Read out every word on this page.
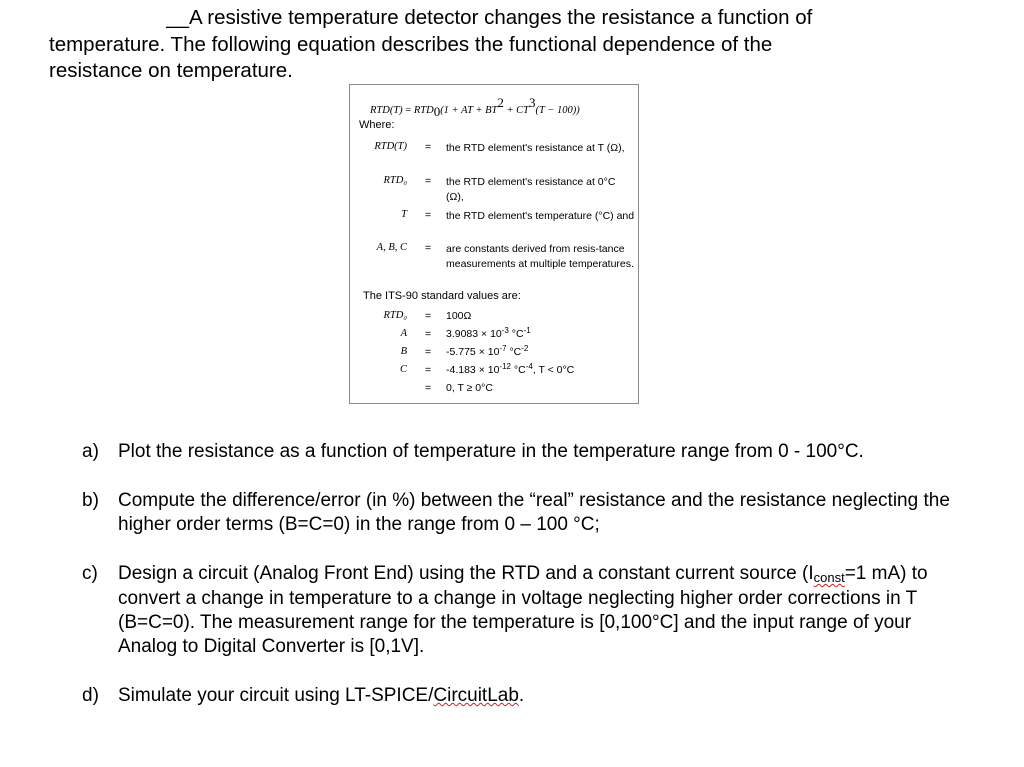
__A resistive temperature detector changes the resistance a function of
temperature. The following equation describes the functional dependence of the
resistance on temperature.
RTD(T) = RTD0(1 + AT + BT2 + CT3(T − 100))
Where:
RTD(T) = the RTD element's resistance at T (Ω),
RTD₀ = the RTD element's resistance at 0°C (Ω),
T = the RTD element's temperature (°C) and
A, B, C = are constants derived from resis-tance measurements at multiple temperatures.
The ITS-90 standard values are:
RTD₀ = 100Ω
$A = 3.9083 \times 10^{-3}$ $^\circ C^{-1}$
$B = -5.775 \times 10^{-7}$ $^\circ C^{-2}$
$C = -4.183 \times 10^{-12}$ $^\circ C^{-4}$, T < 0°C
= 0, T ≥ 0°C
a) Plot the resistance as a function of temperature in the temperature range from 0 - 100°C.
b) Compute the difference/error (in %) between the “real” resistance and the resistance neglecting the higher order terms (B=C=0) in the range from 0 – 100 °C;
c) Design a circuit (Analog Front End) using the RTD and a constant current source (Iconst=1 mA) to convert a change in temperature to a change in voltage neglecting higher order corrections in T (B=C=0). The measurement range for the temperature is [0,100°C] and the input range of your Analog to Digital Converter is [0,1V].
d) Simulate your circuit using LT-SPICE/CircuitLab.
